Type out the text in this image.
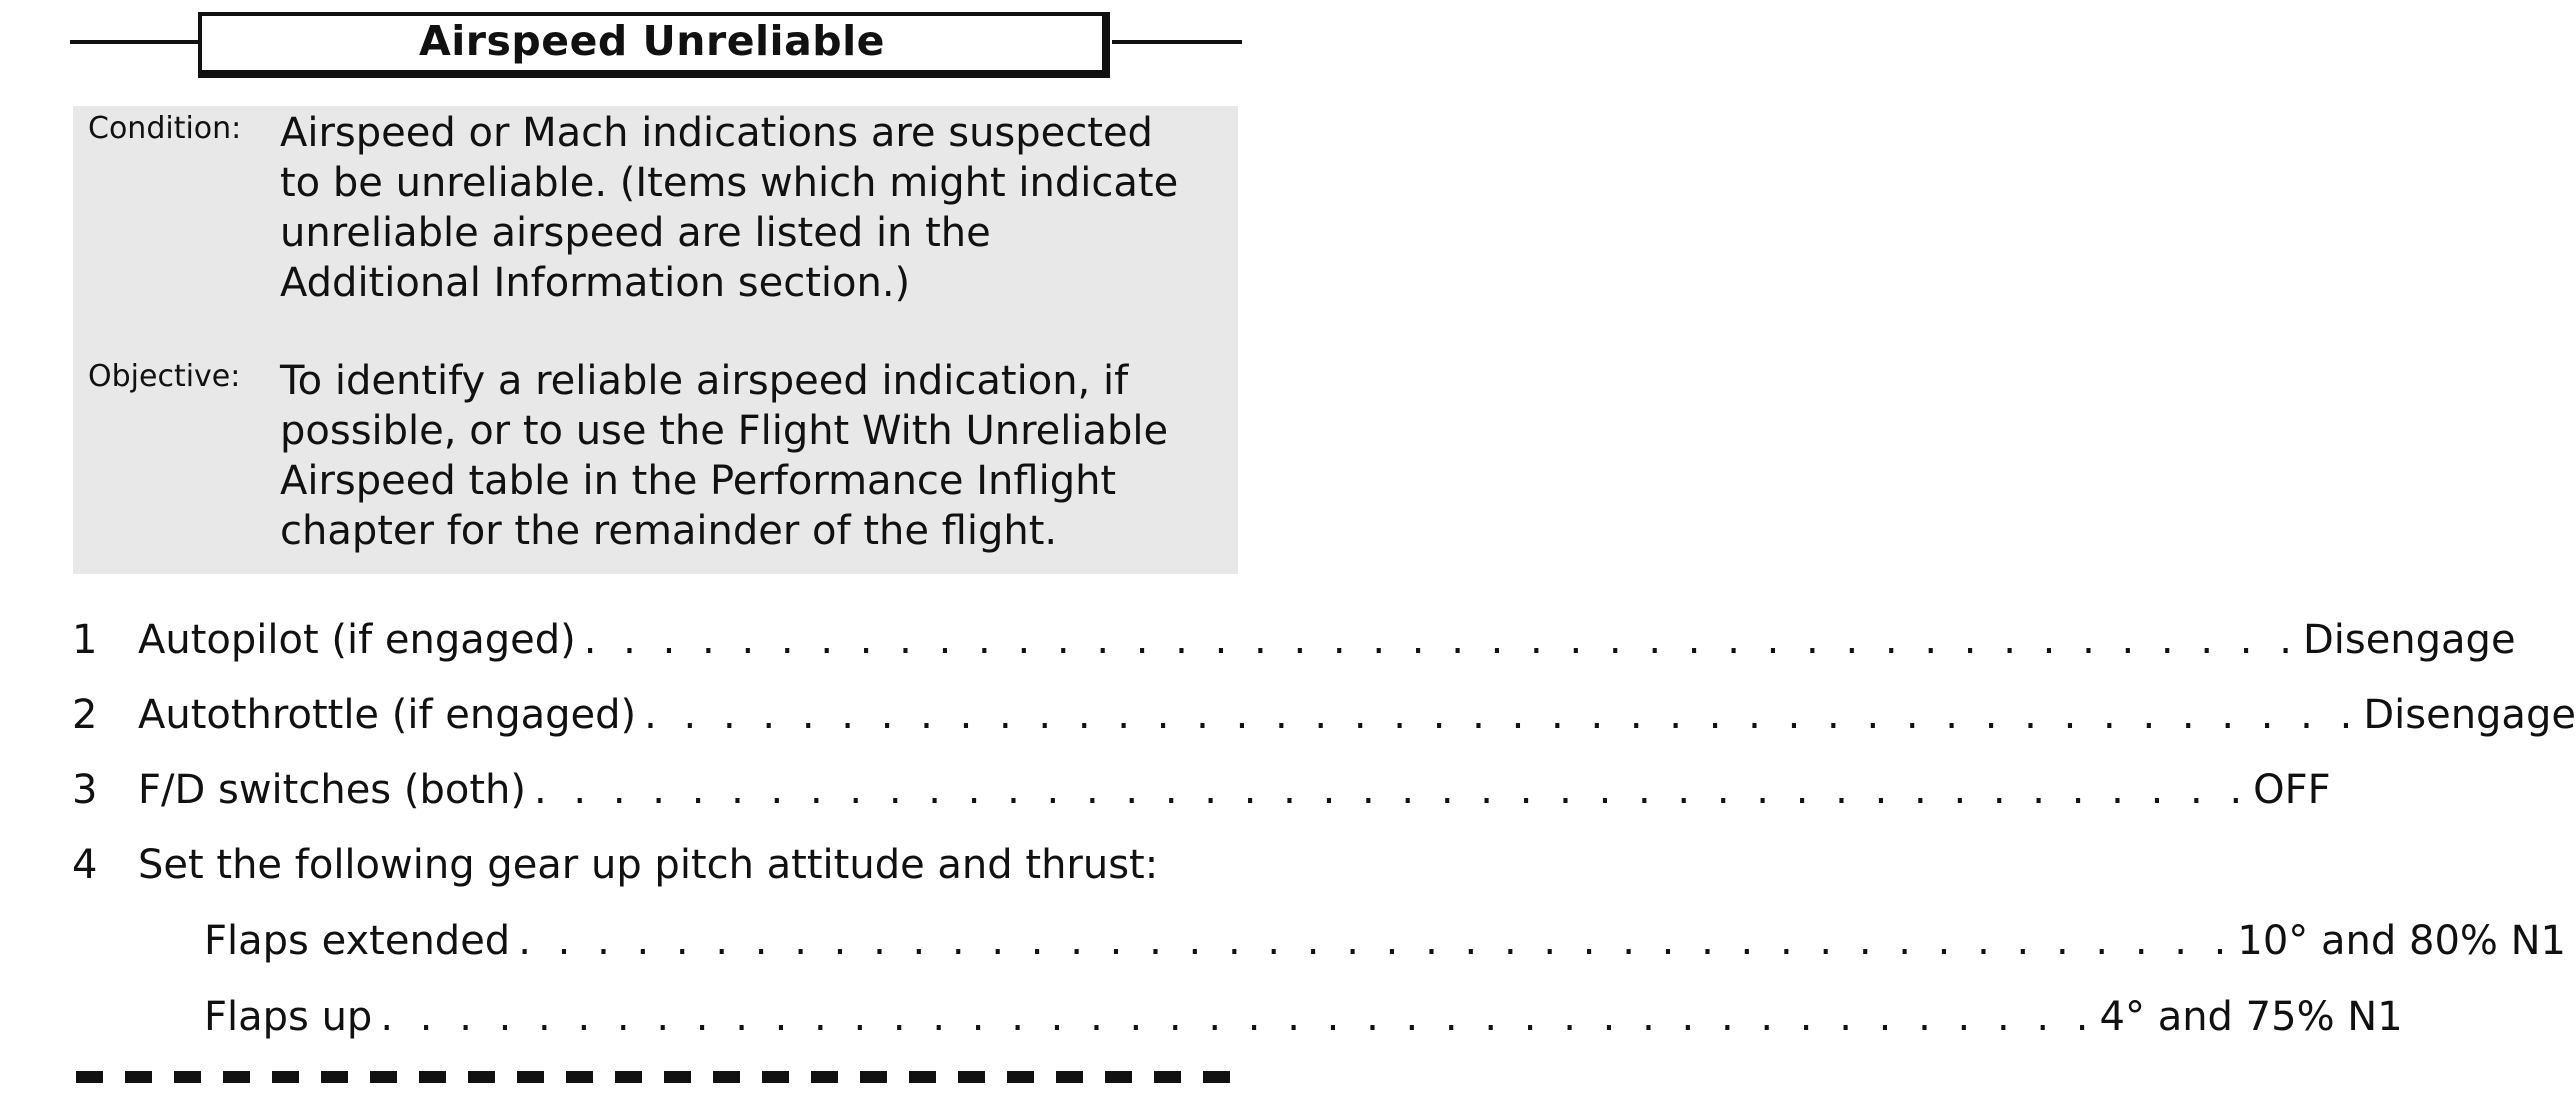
Airspeed Unreliable
Condition: Airspeed or Mach indications are suspected
to be unreliable. (Items which might indicate
unreliable airspeed are listed in the
Additional Information section.)
Objective: To identify a reliable airspeed indication, if
possible, or to use the Flight With Unreliable
Airspeed table in the Performance Inflight
chapter for the remainder of the flight.
1	Autopilot (if engaged) . . . . . . . . . . . . . . . . . . . . . . . . . . . . . . . . . . . . . . . . . . . . Disengage
2	Autothrottle (if engaged) . . . . . . . . . . . . . . . . . . . . . . . . . . . . . . . . . . . . . . . . . . . . Disengage
3	F/D switches (both) . . . . . . . . . . . . . . . . . . . . . . . . . . . . . . . . . . . . . . . . . . . . OFF
4	Set the following gear up pitch attitude and thrust:
Flaps extended . . . . . . . . . . . . . . . . . . . . . . . . . . . . . . . . . . . . . . . . . . . . 10° and 80% N1
Flaps up . . . . . . . . . . . . . . . . . . . . . . . . . . . . . . . . . . . . . . . . . . . . 4° and 75% N1
